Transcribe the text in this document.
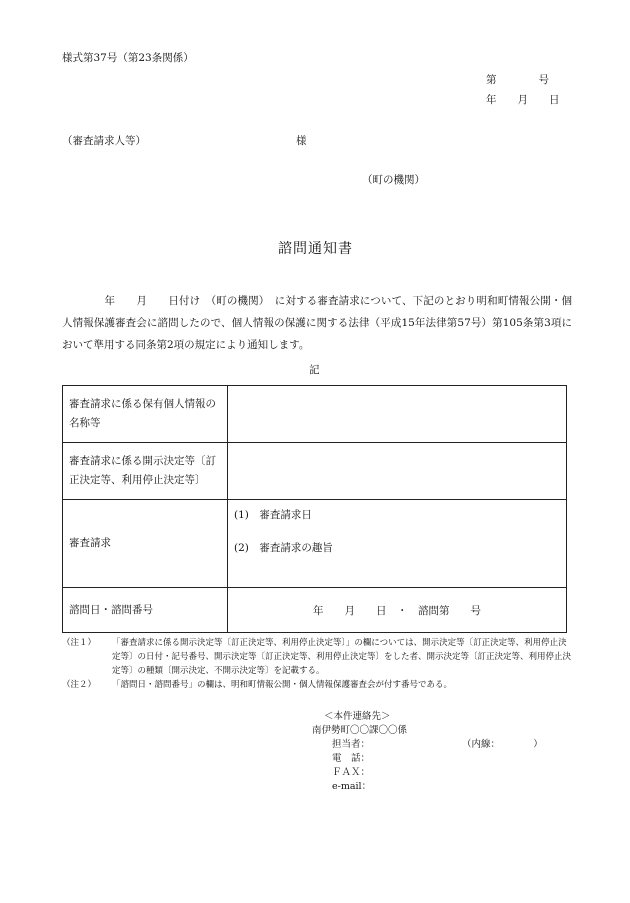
様式第37号（第23条関係）
第　　　　号
年　　月　　日
（審査請求人等）	様
（町の機関）
諮問通知書
　　　　年　　月　　日付け　（町の機関）　に対する審査請求について、下記のとおり明和町情報公開・個人情報保護審査会に諮問したので、個人情報の保護に関する法律（平成15年法律第57号）第105条第3項において準用する同条第2項の規定により通知します。
記
審査請求に係る保有個人情報の名称等	
審査請求に係る開示決定等〔訂正決定等、利用停止決定等〕	
審査請求	(1)　審査請求日
(2)　審査請求の趣旨

諮問日・諮問番号	年　　月　　日　・　諮問第　　号
（注１）	「審査請求に係る開示決定等〔訂正決定等、利用停止決定等〕」の欄については、開示決定等〔訂正決定等、利用停止決定等〕の日付・記号番号、開示決定等〔訂正決定等、利用停止決定等〕をした者、開示決定等〔訂正決定等、利用停止決定等〕の種類〔開示決定、不開示決定等〕を記載する。
（注２）	「諮問日・諮問番号」の欄は、明和町情報公開・個人情報保護審査会が付す番号である。
＜本件連絡先＞
南伊勢町〇〇課〇〇係
担当者：	（内線：　　　　）
電　話：
ＦＡＸ：
e-mail：
